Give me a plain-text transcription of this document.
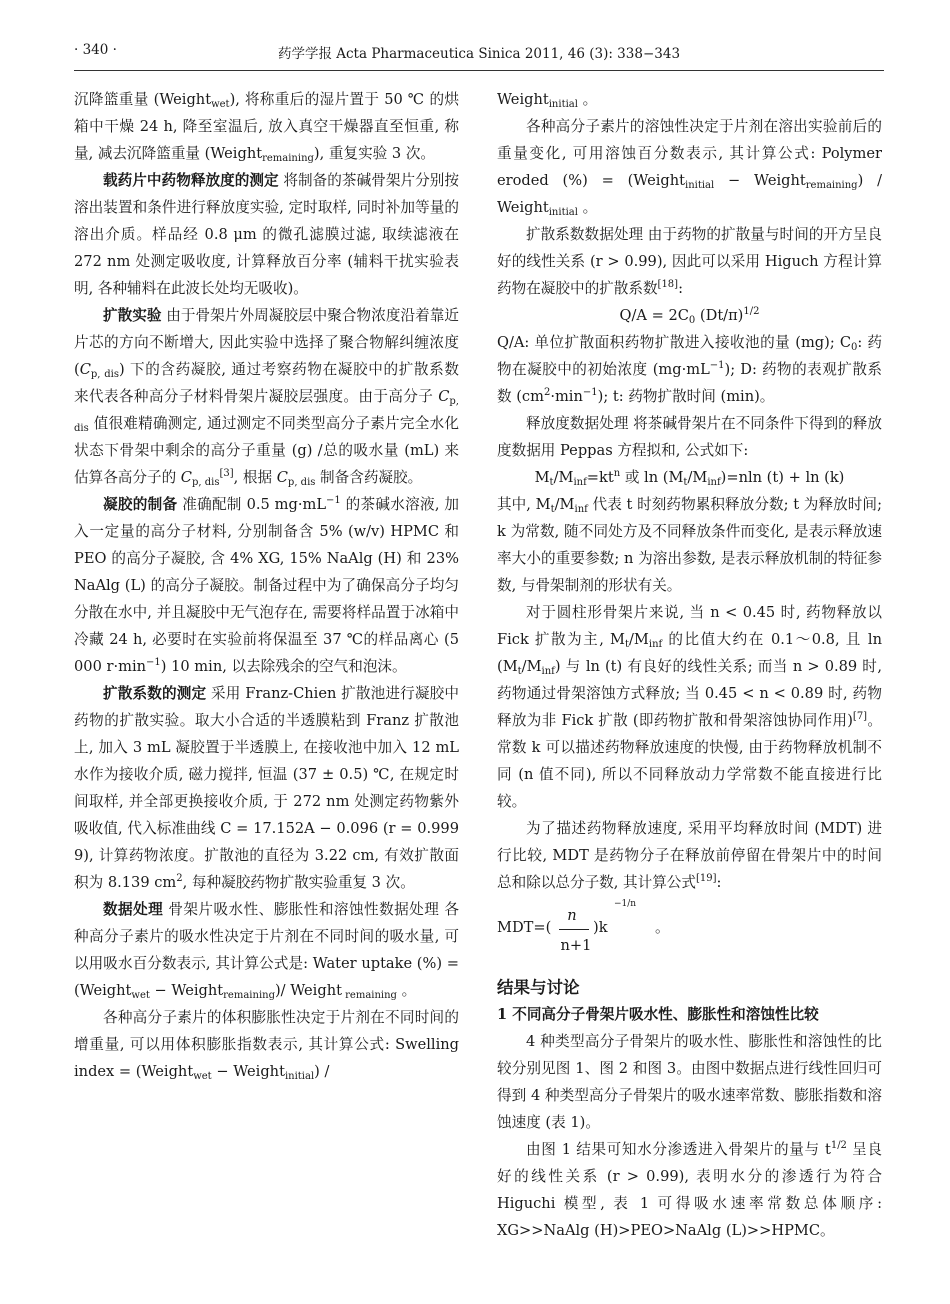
· 340 ·	药学学报 Acta Pharmaceutica Sinica 2011, 46 (3): 338−343

沉降篮重量 (Weight$_{wet}$), 将称重后的湿片置于 50 ℃ 的烘箱中干燥 24 h, 降至室温后, 放入真空干燥器直至恒重, 称量, 减去沉降篮重量 (Weight$_{remaining}$), 重复实验 3 次。

载药片中药物释放度的测定 将制备的茶碱骨架片分别按溶出装置和条件进行释放度实验, 定时取样, 同时补加等量的溶出介质。样品经 0.8 μm 的微孔滤膜过滤, 取续滤液在 272 nm 处测定吸收度, 计算释放百分率 (辅料干扰实验表明, 各种辅料在此波长处均无吸收)。

扩散实验 由于骨架片外周凝胶层中聚合物浓度沿着靠近片芯的方向不断增大, 因此实验中选择了聚合物解纠缠浓度 $(C_{p, dis})$ 下的含药凝胶, 通过考察药物在凝胶中的扩散系数来代表各种高分子材料骨架片凝胶层强度。由于高分子 $C_{p, dis}$ 值很难精确测定, 通过测定不同类型高分子素片完全水化状态下骨架中剩余的高分子重量 (g) /总的吸水量 (mL) 来估算各高分子的 $C_{p, dis}[3]$, 根据 $C_{p, dis}$ 制备含药凝胶。

凝胶的制备 准确配制 0.5 $mg\cdot mL^{-1}$ 的茶碱水溶液, 加入一定量的高分子材料, 分别制备含 5% (w/v) HPMC 和 PEO 的高分子凝胶, 含 4% XG, 15% NaAlg (H) 和 23% NaAlg (L) 的高分子凝胶。制备过程中为了确保高分子均匀分散在水中, 并且凝胶中无气泡存在, 需要将样品置于冰箱中冷藏 24 h, 必要时在实验前将保温至 37 ℃的样品离心 (5 000 $r\cdot\min^{-1}$) 10 min, 以去除残余的空气和泡沫。

扩散系数的测定 采用 Franz-Chien 扩散池进行凝胶中药物的扩散实验。取大小合适的半透膜粘到 Franz 扩散池上, 加入 3 mL 凝胶置于半透膜上, 在接收池中加入 12 mL 水作为接收介质, 磁力搅拌, 恒温 (37 ± 0.5) ℃, 在规定时间取样, 并全部更换接收介质, 于 272 nm 处测定药物紫外吸收值, 代入标准曲线 C = 17.152A − 0.096 (r = 0.999 9), 计算药物浓度。扩散池的直径为 3.22 cm, 有效扩散面积为 8.139 $cm^2$, 每种凝胶药物扩散实验重复 3 次。

数据处理 骨架片吸水性、膨胀性和溶蚀性数据处理 各种高分子素片的吸水性决定于片剂在不同时间的吸水量, 可以用吸水百分数表示, 其计算公式是: Water uptake (%) = (Weight$_{wet}$ − Weight$_{remaining}$)/ Weight $_{remaining}$ 。

各种高分子素片的体积膨胀性决定于片剂在不同时间的增重量, 可以用体积膨胀指数表示, 其计算公式: Swelling index = (Weight$_{wet}$ − Weight$_{initial}$) /

Weight$_{initial}$ 。

各种高分子素片的溶蚀性决定于片剂在溶出实验前后的重量变化, 可用溶蚀百分数表示, 其计算公式: Polymer eroded (%) = (Weight$_{initial}$ − Weight$_{remaining}$) / Weight$_{initial}$ 。

扩散系数数据处理 由于药物的扩散量与时间的开方呈良好的线性关系 (r > 0.99), 因此可以采用 Higuch 方程计算药物在凝胶中的扩散系数[18]:

$Q/A = 2C_0$ $(Dt/\pi)^{1/2}$

Q/A: 单位扩散面积药物扩散进入接收池的量 (mg); $C_0$: 药物在凝胶中的初始浓度 $(mg\cdot mL^{-1})$; D: 药物的表观扩散系数 $(cm^2\cdot\min^{-1})$; t: 药物扩散时间 (min)。

释放度数据处理 将茶碱骨架片在不同条件下得到的释放度数据用 Peppas 方程拟和, 公式如下:

$M_t/M_{inf}=kt^n$ 或 $\ln (M_t/M_{inf})=nln$ (t) + ln (k)

其中, $M_t/M_{inf}$ 代表 t 时刻药物累积释放分数; t 为释放时间; k 为常数, 随不同处方及不同释放条件而变化, 是表示释放速率大小的重要参数; n 为溶出参数, 是表示释放机制的特征参数, 与骨架制剂的形状有关。

对于圆柱形骨架片来说, 当 n < 0.45 时, 药物释放以 Fick 扩散为主, $M_t/M_{inf}$ 的比值大约在 0.1～0.8, 且 $\ln (M_t/M_{inf})$ 与 ln (t) 有良好的线性关系; 而当 n > 0.89 时, 药物通过骨架溶蚀方式释放; 当 0.45 < n < 0.89 时, 药物释放为非 Fick 扩散 (即药物扩散和骨架溶蚀协同作用)[7]。常数 k 可以描述药物释放速度的快慢, 由于药物释放机制不同 (n 值不同), 所以不同释放动力学常数不能直接进行比较。

为了描述药物释放速度, 采用平均释放时间 (MDT) 进行比较, MDT 是药物分子在释放前停留在骨架片中的时间总和除以总分子数, 其计算公式[19]:

MDT=(
n
n+1
)k
−1/n
。

结果与讨论

1 不同高分子骨架片吸水性、膨胀性和溶蚀性比较

4 种类型高分子骨架片的吸水性、膨胀性和溶蚀性的比较分别见图 1、图 2 和图 3。由图中数据点进行线性回归可得到 4 种类型高分子骨架片的吸水速率常数、膨胀指数和溶蚀速度 (表 1)。

由图 1 结果可知水分渗透进入骨架片的量与 $t^{1/2}$ 呈良好的线性关系 (r > 0.99), 表明水分的渗透行为符合 Higuchi 模型, 表 1 可得吸水速率常数总体顺序: XG>>NaAlg (H)>PEO>NaAlg (L)>>HPMC。
